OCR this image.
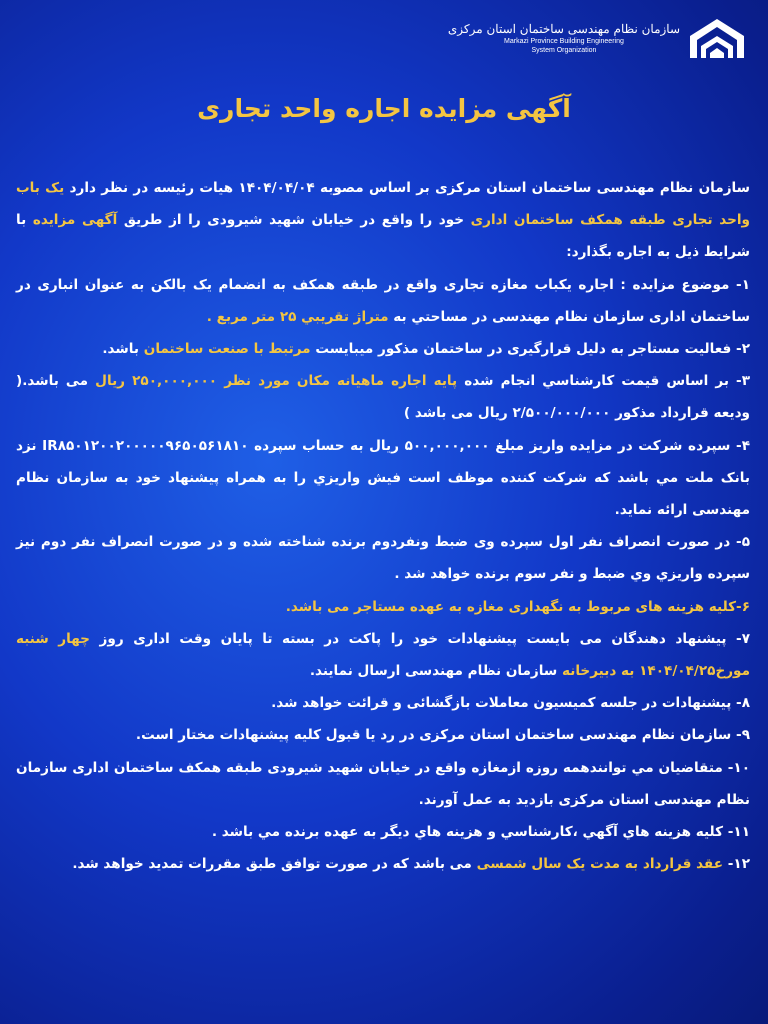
سازمان نظام مهندسی ساختمان استان مرکزی
Markazi Province Building Engineering
System Organization
آگهی مزایده اجاره واحد تجاری
سازمان نظام مهندسی ساختمان استان مرکزی بر اساس مصوبه ۱۴۰۴/۰۴/۰۴ هیات رئیسه در نظر دارد یک باب واحد تجاری طبقه همکف ساختمان اداری خود را واقع در خیابان شهید شیرودی را از طریق آگهی مزایده با شرایط ذیل به اجاره بگذارد:
۱- موضوع مزایده : اجاره یکباب مغازه تجاری واقع در طبقه همکف به انضمام یک بالکن به عنوان انباری در ساختمان اداری سازمان نظام مهندسی در مساحتي به متراژ تقریبي ۲۵ متر مربع .
۲- فعالیت مستاجر به دلیل قرارگیری در ساختمان مذکور میبایست مرتبط با صنعت ساختمان باشد.
۳- بر اساس قیمت کارشناسي انجام شده پایه اجاره ماهیانه مکان مورد نظر ۲۵۰,۰۰۰,۰۰۰ ریال می باشد.( ودیعه قرارداد مذکور ۲/۵۰۰/۰۰۰/۰۰۰ ریال می باشد )
۴- سپرده شرکت در مزایده واریز مبلغ ۵۰۰,۰۰۰,۰۰۰ ریال به حساب سپرده IR۸۵۰۱۲۰۰۲۰۰۰۰۰۹۶۵۰۵۶۱۸۱۰ نزد بانک ملت مي باشد که شرکت کننده موظف است فیش واریزي را به همراه پیشنهاد خود به سازمان نظام مهندسی ارائه نماید.
۵- در صورت انصراف نفر اول سپرده وی ضبط ونفردوم برنده شناخته شده و در صورت انصراف نفر دوم نیز سپرده واریزي وي ضبط و نفر سوم برنده خواهد شد .
۶-کلیه هزینه های مربوط به نگهداری مغازه به عهده مستاجر می باشد.
۷- پیشنهاد دهندگان می بایست پیشنهادات خود را پاکت در بسته تا پایان وقت اداری روز چهار شنبه مورخ۱۴۰۴/۰۴/۲۵ به دبیرخانه سازمان نظام مهندسی ارسال نمایند.
۸- پیشنهادات در جلسه کمیسیون معاملات بازگشائی و قرائت خواهد شد.
۹- سازمان نظام مهندسی ساختمان استان مرکزی در رد یا قبول کلیه پیشنهادات مختار است.
۱۰- متقاضیان مي توانندهمه روزه ازمغازه واقع در خیابان شهید شیرودی طبقه همکف ساختمان اداری سازمان نظام مهندسی استان مرکزی بازدید به عمل آورند.
۱۱- کلیه هزینه هاي آگهي ،کارشناسي و هزینه هاي دیگر به عهده برنده مي باشد .
۱۲- عقد قرارداد به مدت یک سال شمسی می باشد که در صورت توافق طبق مقررات تمدید خواهد شد.
